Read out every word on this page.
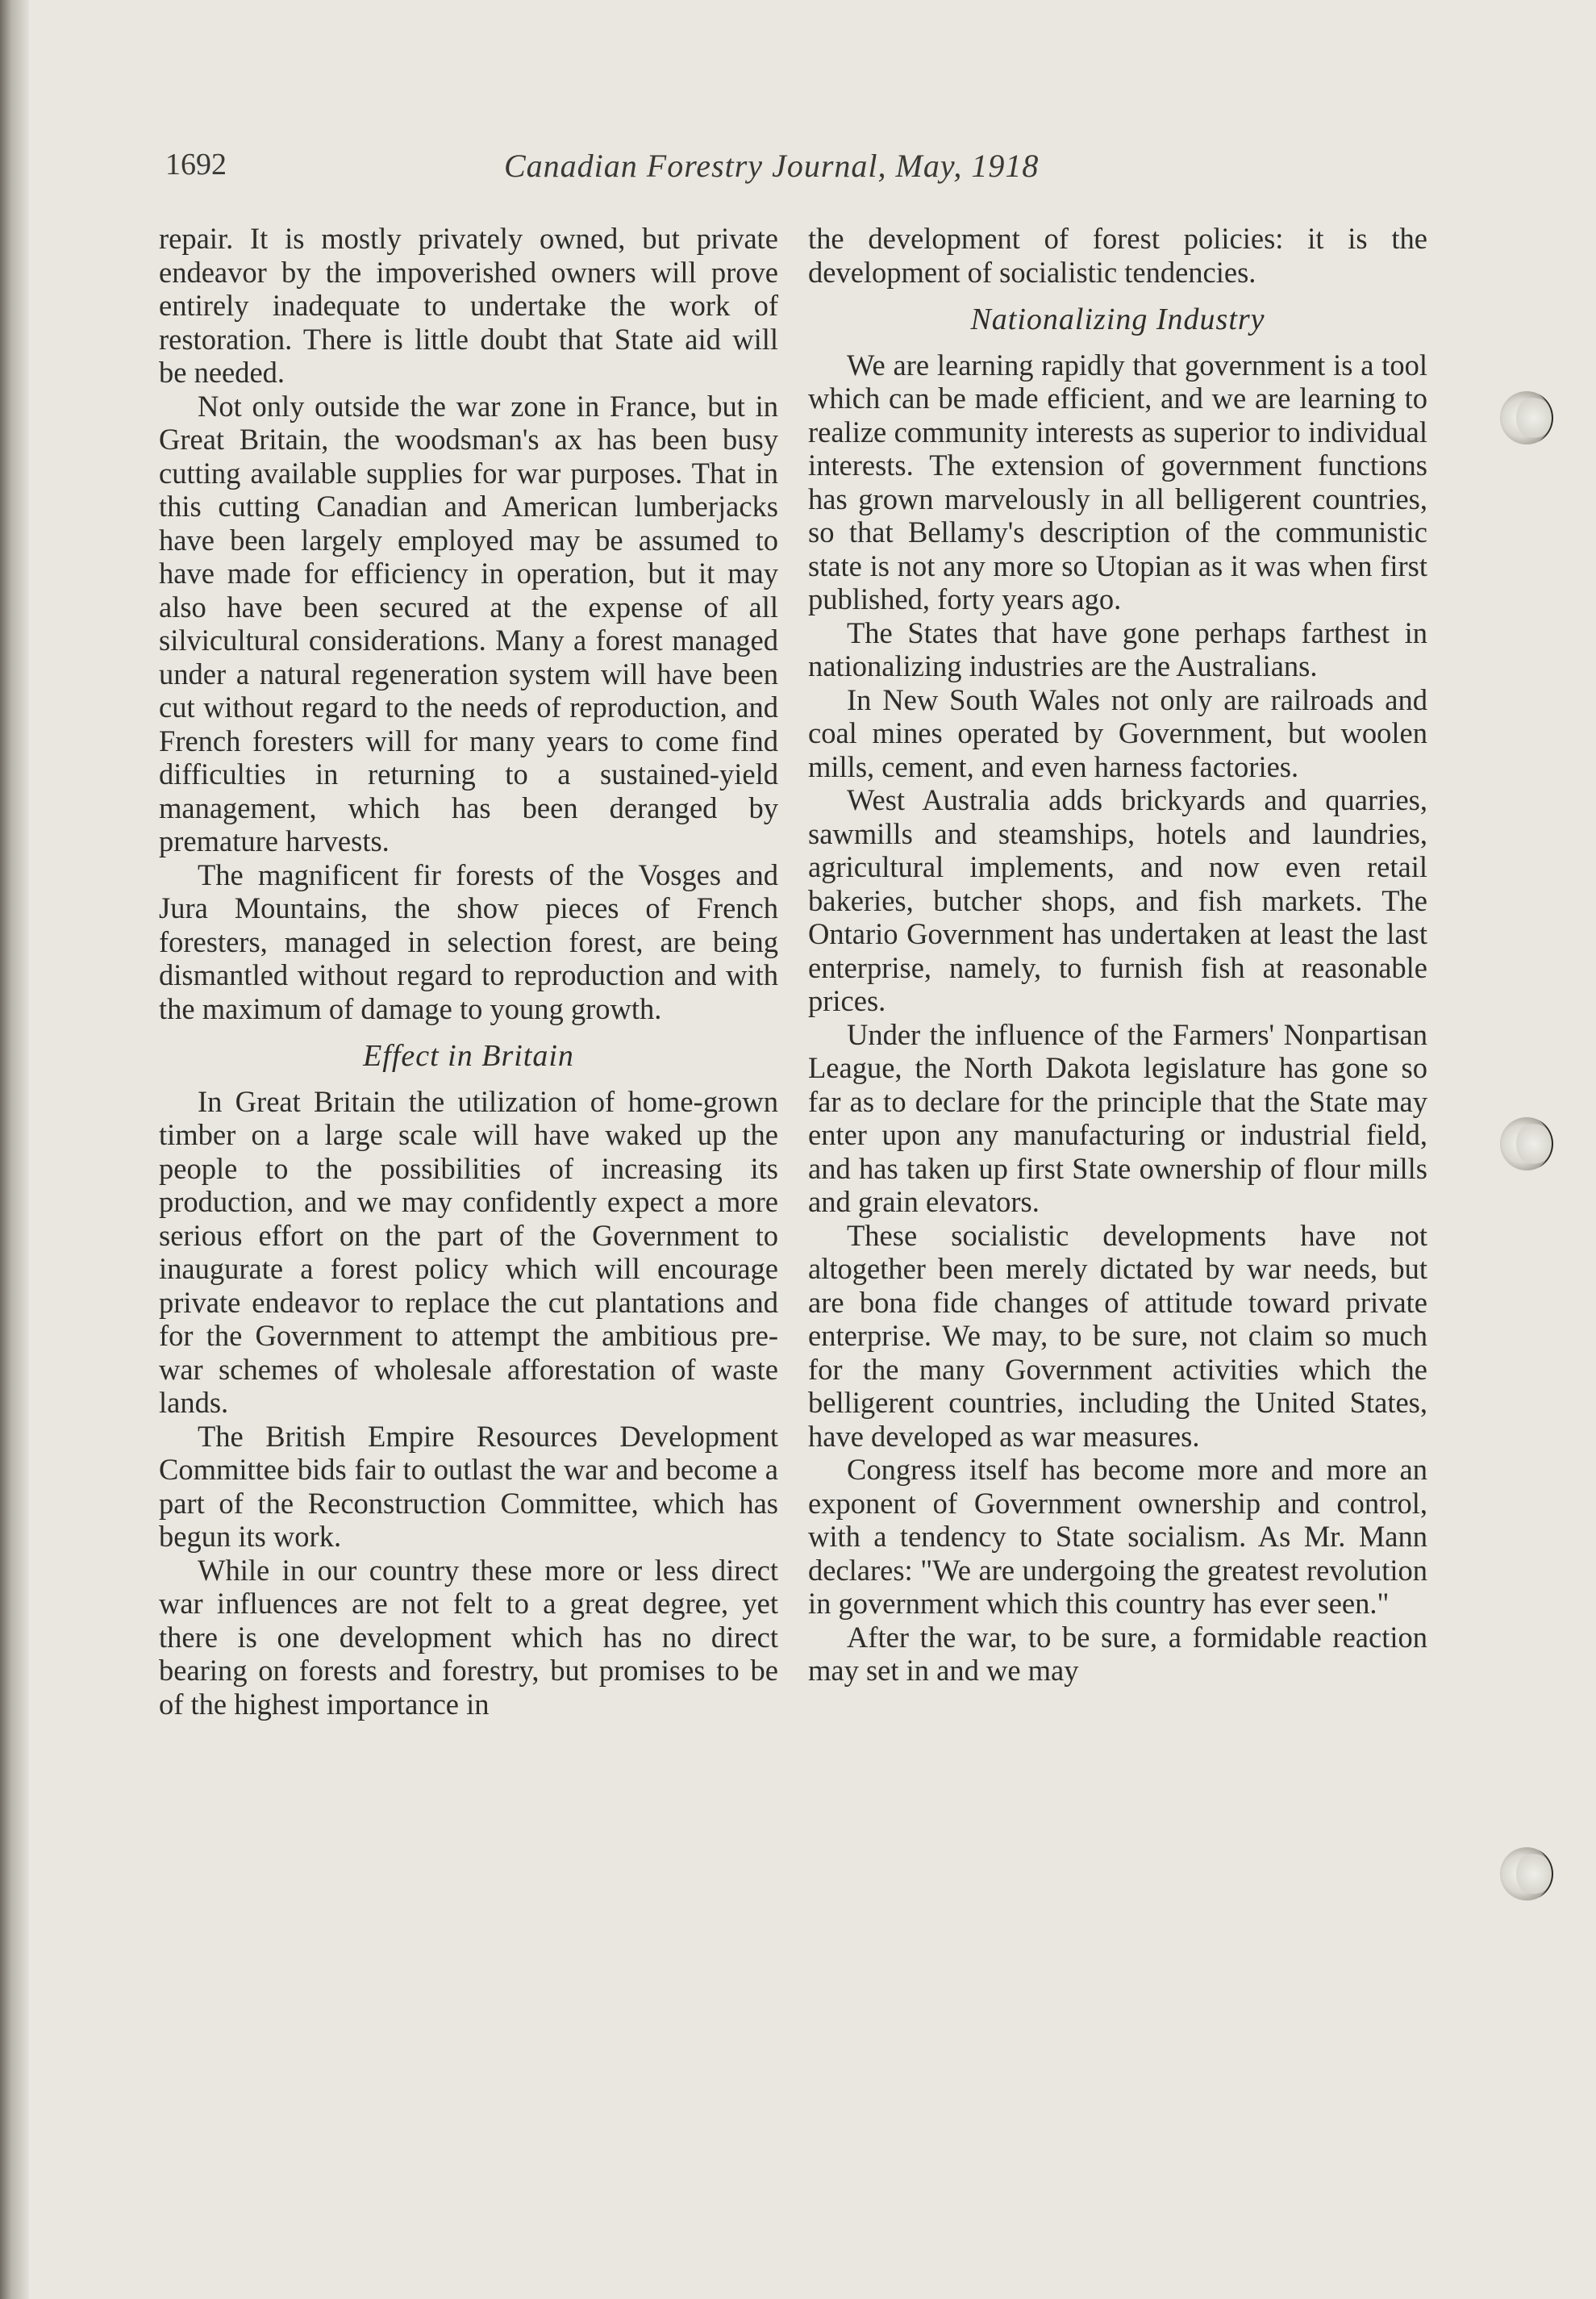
1692	Canadian Forestry Journal, May, 1918

repair. It is mostly privately owned, but private endeavor by the impoverished owners will prove entirely inadequate to undertake the work of restoration. There is little doubt that State aid will be needed.

Not only outside the war zone in France, but in Great Britain, the woodsman's ax has been busy cutting available supplies for war purposes. That in this cutting Canadian and American lumberjacks have been largely employed may be assumed to have made for efficiency in operation, but it may also have been secured at the expense of all silvicultural considerations. Many a forest managed under a natural regeneration system will have been cut without regard to the needs of reproduction, and French foresters will for many years to come find difficulties in returning to a sustained-yield management, which has been deranged by premature harvests.

The magnificent fir forests of the Vosges and Jura Mountains, the show pieces of French foresters, managed in selection forest, are being dismantled without regard to reproduction and with the maximum of damage to young growth.

Effect in Britain

In Great Britain the utilization of home-grown timber on a large scale will have waked up the people to the possibilities of increasing its production, and we may confidently expect a more serious effort on the part of the Government to inaugurate a forest policy which will encourage private endeavor to replace the cut plantations and for the Government to attempt the ambitious pre-war schemes of wholesale afforestation of waste lands.

The British Empire Resources Development Committee bids fair to outlast the war and become a part of the Reconstruction Committee, which has begun its work.

While in our country these more or less direct war influences are not felt to a great degree, yet there is one development which has no direct bearing on forests and forestry, but promises to be of the highest importance in

the development of forest policies: it is the development of socialistic tendencies.

Nationalizing Industry

We are learning rapidly that government is a tool which can be made efficient, and we are learning to realize community interests as superior to individual interests. The extension of government functions has grown marvelously in all belligerent countries, so that Bellamy's description of the communistic state is not any more so Utopian as it was when first published, forty years ago.

The States that have gone perhaps farthest in nationalizing industries are the Australians.

In New South Wales not only are railroads and coal mines operated by Government, but woolen mills, cement, and even harness factories.

West Australia adds brickyards and quarries, sawmills and steamships, hotels and laundries, agricultural implements, and now even retail bakeries, butcher shops, and fish markets. The Ontario Government has undertaken at least the last enterprise, namely, to furnish fish at reasonable prices.

Under the influence of the Farmers' Nonpartisan League, the North Dakota legislature has gone so far as to declare for the principle that the State may enter upon any manufacturing or industrial field, and has taken up first State ownership of flour mills and grain elevators.

These socialistic developments have not altogether been merely dictated by war needs, but are bona fide changes of attitude toward private enterprise. We may, to be sure, not claim so much for the many Government activities which the belligerent countries, including the United States, have developed as war measures.

Congress itself has become more and more an exponent of Government ownership and control, with a tendency to State socialism. As Mr. Mann declares: "We are undergoing the greatest revolution in government which this country has ever seen."

After the war, to be sure, a formidable reaction may set in and we may
